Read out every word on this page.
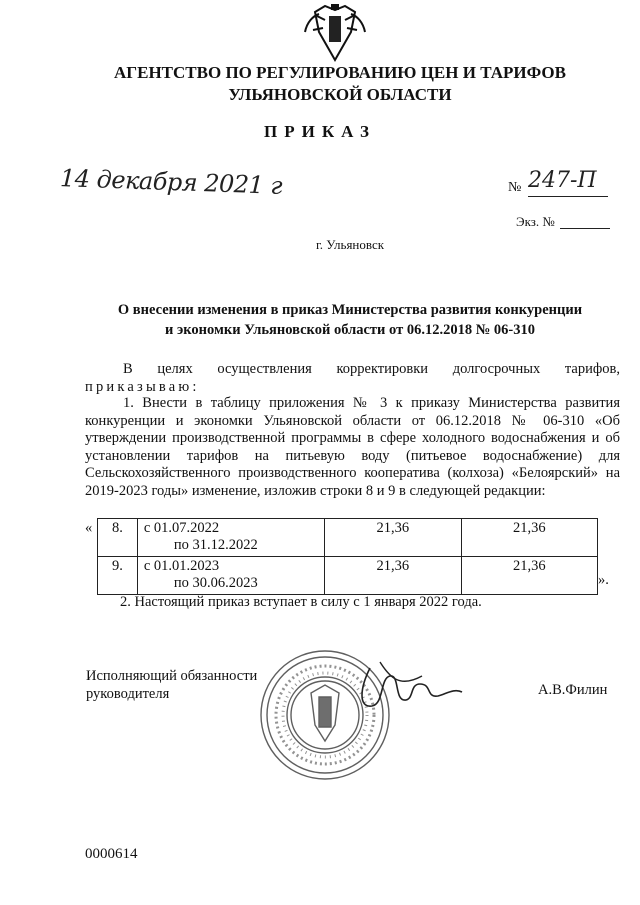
АГЕНТСТВО ПО РЕГУЛИРОВАНИЮ ЦЕН И ТАРИФОВ
УЛЬЯНОВСКОЙ ОБЛАСТИ
ПРИКАЗ
14 декабря 2021 г	№ 247-П
Экз. №
г. Ульяновск
О внесении изменения в приказ Министерства развития конкуренции
и экономки Ульяновской области от 06.12.2018 № 06-310
В целях осуществления корректировки долгосрочных тарифов,
приказываю:
1. Внести в таблицу приложения № 3 к приказу Министерства развития конкуренции и экономки Ульяновской области от 06.12.2018 № 06-310 «Об утверждении производственной программы в сфере холодного водоснабжения и об установлении тарифов на питьевую воду (питьевое водоснабжение) для Сельскохозяйственного производственного кооператива (колхоза) «Белоярский» на 2019-2023 годы» изменение, изложив строки 8 и 9 в следующей редакции:
« 8.	с 01.07.2022
по 31.12.2022	21,36	21,36
9.	с 01.01.2023
по 30.06.2023	21,36	21,36
».
2. Настоящий приказ вступает в силу с 1 января 2022 года.
Исполняющий обязанности
руководителя	А.В.Филин
0000614
